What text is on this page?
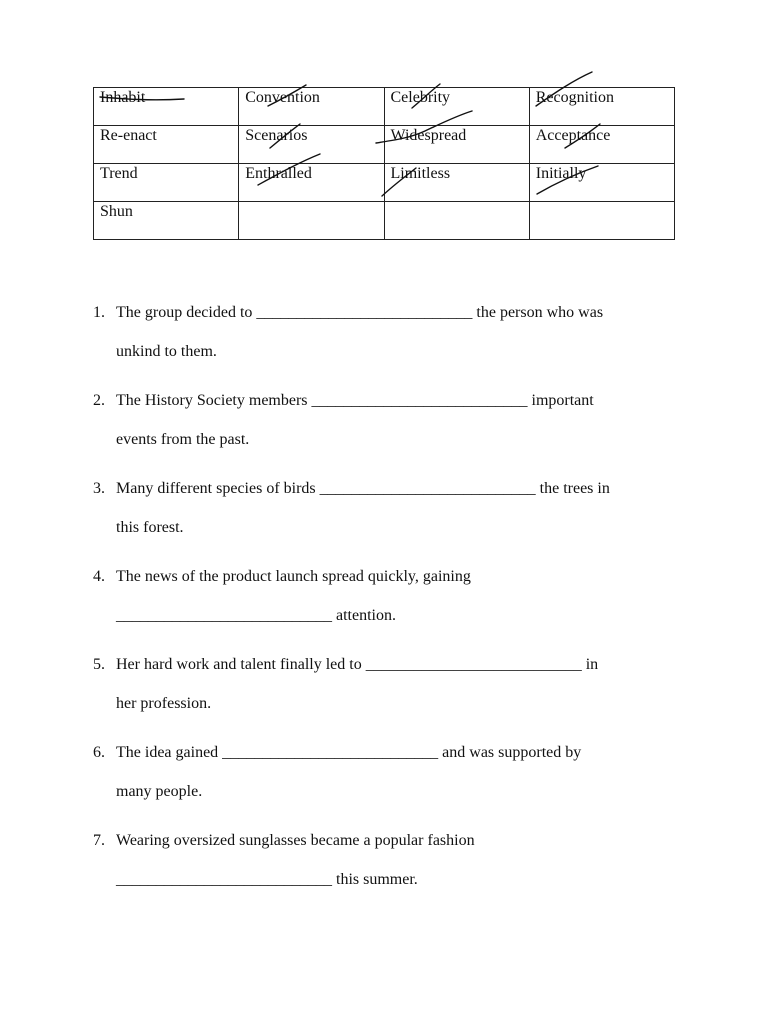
Inhabit	Convention	Celebrity	Recognition
Re-enact	Scenarios	Widespread	Acceptance
Trend	Enthralled	Limitless	Initially
Shun			
1. The group decided to ___________________________ the person who was
unkind to them.
2. The History Society members ___________________________ important
events from the past.
3. Many different species of birds ___________________________ the trees in
this forest.
4. The news of the product launch spread quickly, gaining
___________________________ attention.
5. Her hard work and talent finally led to ___________________________ in
her profession.
6. The idea gained ___________________________ and was supported by
many people.
7. Wearing oversized sunglasses became a popular fashion
___________________________ this summer.
